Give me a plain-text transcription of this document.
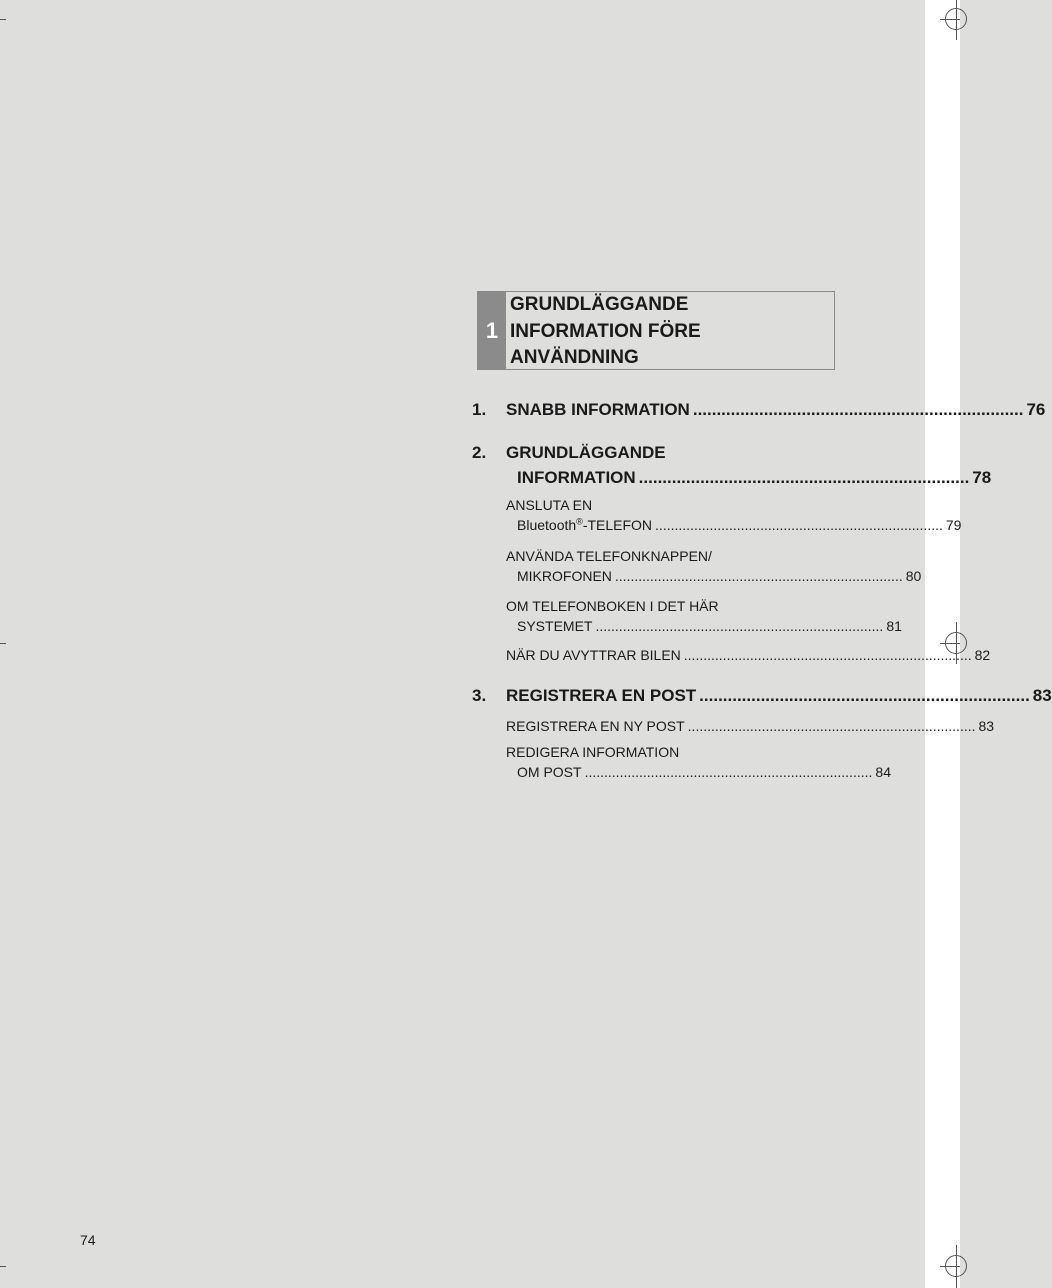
1
GRUNDLÄGGANDE
INFORMATION FÖRE
ANVÄNDNING
1.	SNABB INFORMATION ...................................................................... 76
2.	GRUNDLÄGGANDE
INFORMATION ...................................................................... 78
ANSLUTA EN
Bluetooth®-TELEFON .......................................................................... 79
ANVÄNDA TELEFONKNAPPEN/
MIKROFONEN .......................................................................... 80
OM TELEFONBOKEN I DET HÄR
SYSTEMET .......................................................................... 81
NÄR DU AVYTTRAR BILEN .......................................................................... 82
3.	REGISTRERA EN POST ...................................................................... 83
REGISTRERA EN NY POST .......................................................................... 83
REDIGERA INFORMATION
OM POST .......................................................................... 84
74
